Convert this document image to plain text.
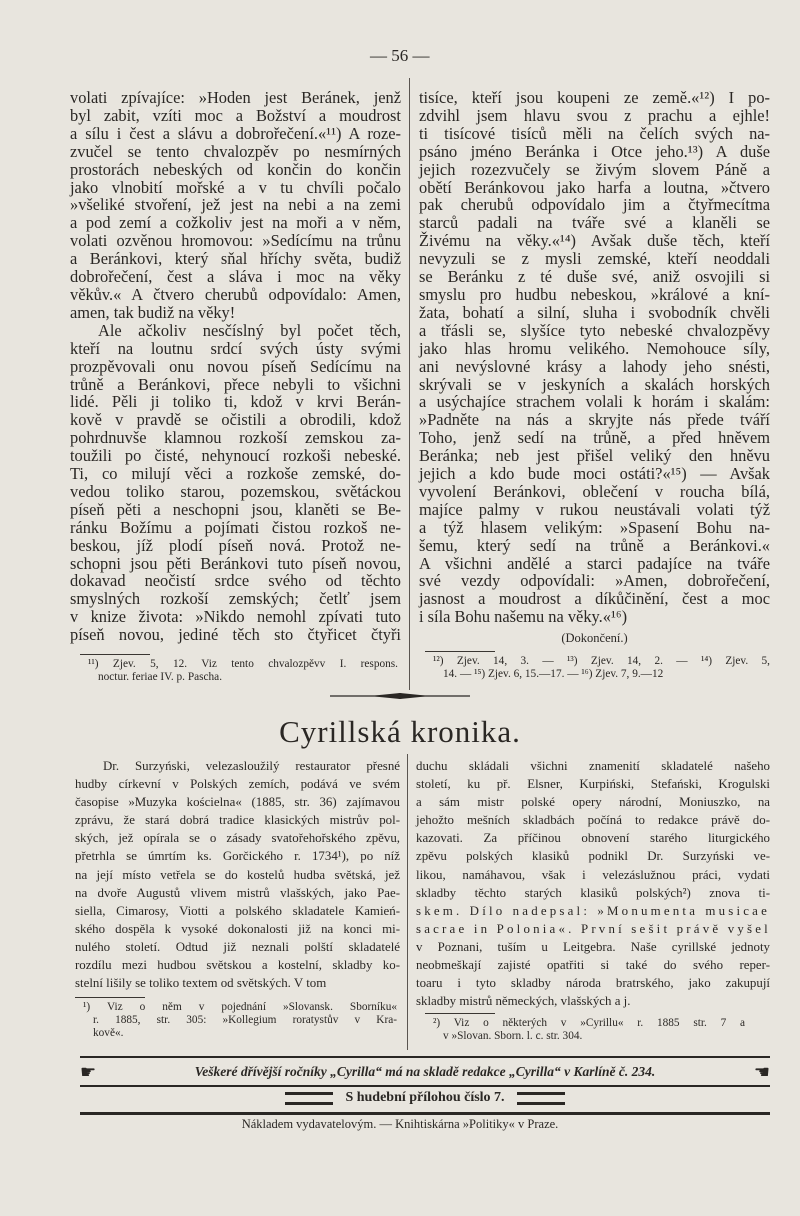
— 56 —
volati zpívajíce: »Hoden jest Beránek, jenž
byl zabit, vzíti moc a Božství a moudrost
a sílu i čest a slávu a dobrořečení.«¹¹) A roze-
zvučel se tento chvalozpěv po nesmírných
prostorách nebeských od končin do končin
jako vlnobití mořské a v tu chvíli počalo
»všeliké stvoření, jež jest na nebi a na zemi
a pod zemí a cožkoliv jest na moři a v něm,
volati ozvěnou hromovou: »Sedícímu na trůnu
a Beránkovi, který sňal hříchy světa, budiž
dobrořečení, čest a sláva i moc na věky
věkův.« A čtvero cherubů odpovídalo: Amen,
amen, tak budiž na věky!
Ale ačkoliv nesčíslný byl počet těch,
kteří na loutnu srdcí svých ústy svými
prozpěvovali onu novou píseň Sedícímu na
trůně a Beránkovi, přece nebyli to všichni
lidé. Pěli ji toliko ti, kdož v krvi Berán-
kově v pravdě se očistili a obrodili, kdož
pohrdnuvše klamnou rozkoší zemskou za-
toužili po čisté, nehynoucí rozkoši nebeské.
Ti, co milují věci a rozkoše zemské, do-
vedou toliko starou, pozemskou, světáckou
píseň pěti a neschopni jsou, klaněti se Be-
ránku Božímu a pojímati čistou rozkoš ne-
beskou, jíž plodí píseň nová. Protož ne-
schopni jsou pěti Beránkovi tuto píseň novou,
dokavad neočistí srdce svého od těchto
smyslných rozkoší zemských; četlť jsem
v knize života: »Nikdo nemohl zpívati tuto
píseň novou, jediné těch sto čtyřicet čtyři
tisíce, kteří jsou koupeni ze země.«¹²) I po-
zdvihl jsem hlavu svou z prachu a ejhle!
ti tisícové tisíců měli na čelích svých na-
psáno jméno Beránka i Otce jeho.¹³) A duše
jejich rozezvučely se živým slovem Páně a
obětí Beránkovou jako harfa a loutna, »čtvero
pak cherubů odpovídalo jim a čtyřmecítma
starců padali na tváře své a klaněli se
Živému na věky.«¹⁴) Avšak duše těch, kteří
nevyzuli se z mysli zemské, kteří neoddali
se Beránku z té duše své, aniž osvojili si
smyslu pro hudbu nebeskou, »králové a kní-
žata, bohatí a silní, sluha i svobodník chvěli
a třásli se, slyšíce tyto nebeské chvalozpěvy
jako hlas hromu velikého. Nemohouce síly,
ani nevýslovné krásy a lahody jeho snésti,
skrývali se v jeskyních a skalách horských
a usýchajíce strachem volali k horám i skalám:
»Padněte na nás a skryjte nás přede tváří
Toho, jenž sedí na trůně, a před hněvem
Beránka; neb jest přišel veliký den hněvu
jejich a kdo bude moci ostáti?«¹⁵) — Avšak
vyvolení Beránkovi, oblečení v roucha bílá,
majíce palmy v rukou neustávali volati týž
a týž hlasem velikým: »Spasení Bohu na-
šemu, který sedí na trůně a Beránkovi.«
A všichni andělé a starci padajíce na tváře
své vezdy odpovídali: »Amen, dobrořečení,
jasnost a moudrost a díkůčinění, čest a moc
i síla Bohu našemu na věky.«¹⁶)
¹¹) Zjev. 5, 12. Viz tento chvalozpěvv I. respons.
noctur. feriae IV. p. Pascha.
(Dokončení.)
¹²) Zjev. 14, 3. — ¹³) Zjev. 14, 2. — ¹⁴) Zjev. 5,
14. — ¹⁵) Zjev. 6, 15.—17. — ¹⁶) Zjev. 7, 9.—12
Cyrillská kronika.
Dr. Surzyński, velezasloužilý restaurator přesné
hudby církevní v Polských zemích, podává ve svém
časopise »Muzyka kościelna« (1885, str. 36) zajímavou
zprávu, že stará dobrá tradice klasických mistrův pol-
ských, jež opírala se o zásady svatořehořského zpěvu,
přetrhla se úmrtím ks. Gorčického r. 1734¹), po níž
na její místo vetřela se do kostelů hudba světská, jež
na dvoře Augustů vlivem mistrů vlašských, jako Pae-
siella, Cimarosy, Viotti a polského skladatele Kamień-
ského dospěla k vysoké dokonalosti již na konci mi-
nulého století. Odtud již neznali polští skladatelé
rozdílu mezi hudbou světskou a kostelní, skladby ko-
stelní lišily se toliko textem od světských. V tom
duchu skládali všichni znamenití skladatelé našeho
století, ku př. Elsner, Kurpiński, Stefański, Krogulski
a sám mistr polské opery národní, Moniuszko, na
jehožto mešních skladbách počíná to redakce právě do-
kazovati. Za příčinou obnovení starého liturgického
zpěvu polských klasiků podnikl Dr. Surzyński ve-
likou, namáhavou, však i velezáslužnou práci, vydati
skladby těchto starých klasiků polských²) znova ti-
skem. Dílo nadepsal: »Monumenta musicae
sacrae in Polonia«. První sešit právě vyšel
v Poznani, tuším u Leitgebra. Naše cyrillské jednoty
neobmeškají zajisté opatřiti si také do svého reper-
toaru i tyto skladby národa bratrského, jako zakupují
skladby mistrů německých, vlašských a j.
¹) Viz o něm v pojednání »Slovansk. Sborníku«
r. 1885, str. 305: »Kollegium roratystův v Kra-
kově«.
²) Viz o některých v »Cyrillu« r. 1885 str. 7 a
v »Slovan. Sborn. l. c. str. 304.
☛	Veškeré dřívější ročníky „Cyrilla“ má na skladě redakce „Cyrilla“ v Karlíně č. 234.	☚
S hudební přílohou číslo 7.
Nákladem vydavatelovým. — Knihtiskárna »Politiky« v Praze.
